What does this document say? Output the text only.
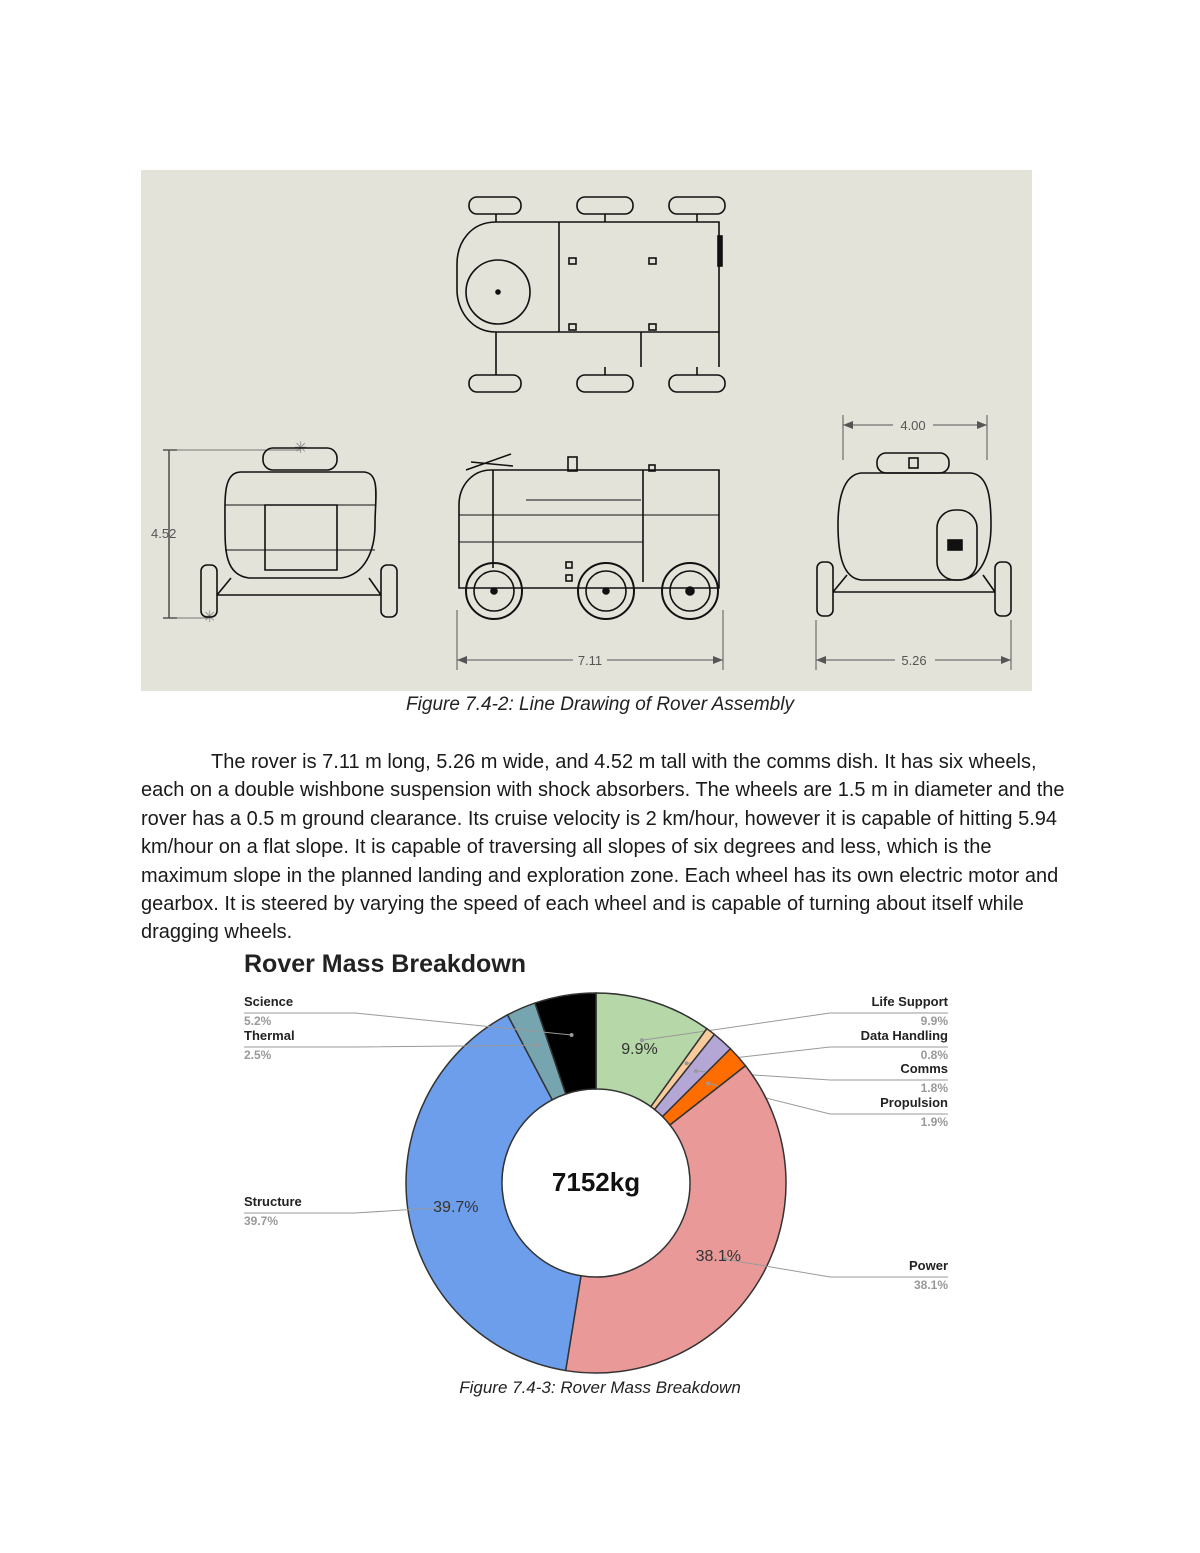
4.52
✳
✳
7.11
4.00
5.26
Figure 7.4-2: Line Drawing of Rover Assembly

The rover is 7.11 m long, 5.26 m wide, and 4.52 m tall with the comms dish. It has six wheels, each on a double wishbone suspension with shock absorbers. The wheels are 1.5 m in diameter and the rover has a 0.5 m ground clearance. Its cruise velocity is 2 km/hour, however it is capable of hitting 5.94 km/hour on a flat slope. It is capable of traversing all slopes of six degrees and less, which is the maximum slope in the planned landing and exploration zone. Each wheel has its own electric motor and gearbox. It is steered by varying the speed of each wheel and is capable of turning about itself while dragging wheels.

Rover Mass Breakdown
Life Support
9.9%
9.9%
Data Handling
0.8%
Comms
1.8%
Propulsion
1.9%
Power
38.1%
38.1%
Structure
39.7%
39.7%
Thermal
2.5%
Science
5.2%
7152kg
Figure 7.4-3: Rover Mass Breakdown
